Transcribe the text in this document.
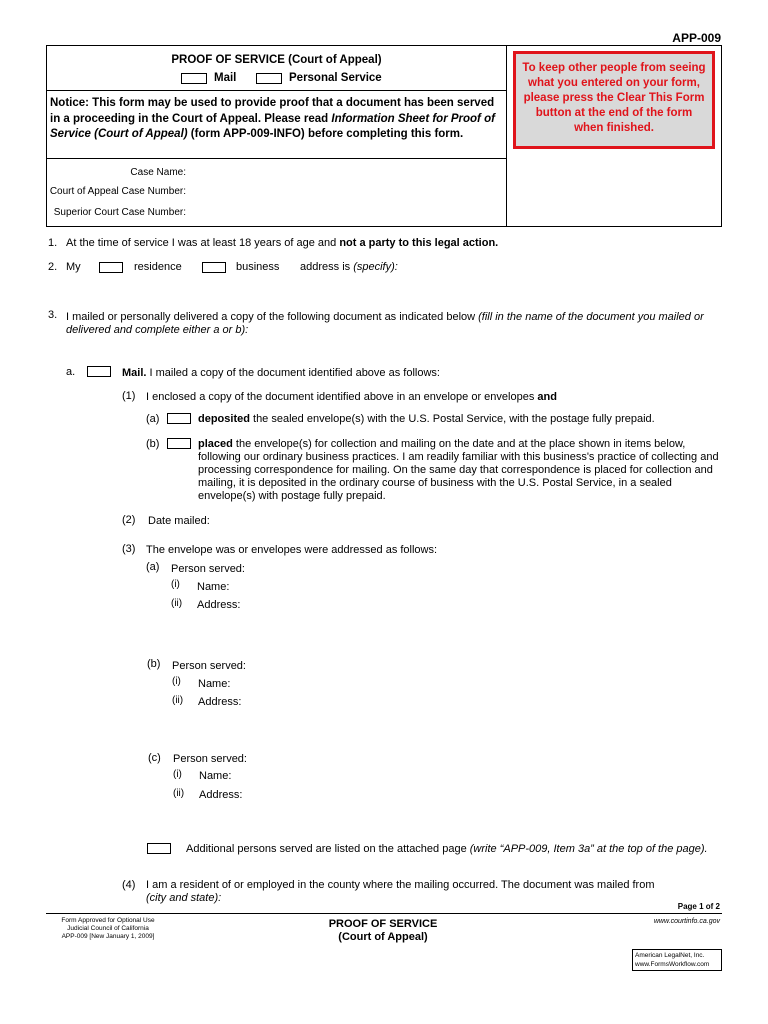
APP-009
PROOF OF SERVICE (Court of Appeal)
Mail	Personal Service
Notice: This form may be used to provide proof that a document has been served in a proceeding in the Court of Appeal. Please read Information Sheet for Proof of Service (Court of Appeal) (form APP-009-INFO) before completing this form.
Case Name:
Court of Appeal Case Number:
Superior Court Case Number:
To keep other people from seeing what you entered on your form, please press the Clear This Form button at the end of the form when finished.
1. At the time of service I was at least 18 years of age and not a party to this legal action.
2. My	residence	business address is (specify):
3. I mailed or personally delivered a copy of the following document as indicated below (fill in the name of the document you mailed or delivered and complete either a or b):
a.	Mail. I mailed a copy of the document identified above as follows:
(1) I enclosed a copy of the document identified above in an envelope or envelopes and
(a)	deposited the sealed envelope(s) with the U.S. Postal Service, with the postage fully prepaid.
(b)	placed the envelope(s) for collection and mailing on the date and at the place shown in items below, following our ordinary business practices. I am readily familiar with this business's practice of collecting and processing correspondence for mailing. On the same day that correspondence is placed for collection and mailing, it is deposited in the ordinary course of business with the U.S. Postal Service, in a sealed envelope(s) with postage fully prepaid.
(2) Date mailed:
(3) The envelope was or envelopes were addressed as follows:
(a) Person served:
(i) Name:
(ii) Address:
(b) Person served:
(i) Name:
(ii) Address:
(c) Person served:
(i) Name:
(ii) Address:
Additional persons served are listed on the attached page (write “APP-009, Item 3a” at the top of the page).
(4) I am a resident of or employed in the county where the mailing occurred. The document was mailed from
(city and state):
Page 1 of 2
Form Approved for Optional Use
Judicial Council of California
APP-009 [New January 1, 2009]
PROOF OF SERVICE
(Court of Appeal)
www.courtinfo.ca.gov
American LegalNet, Inc.
www.FormsWorkflow.com
